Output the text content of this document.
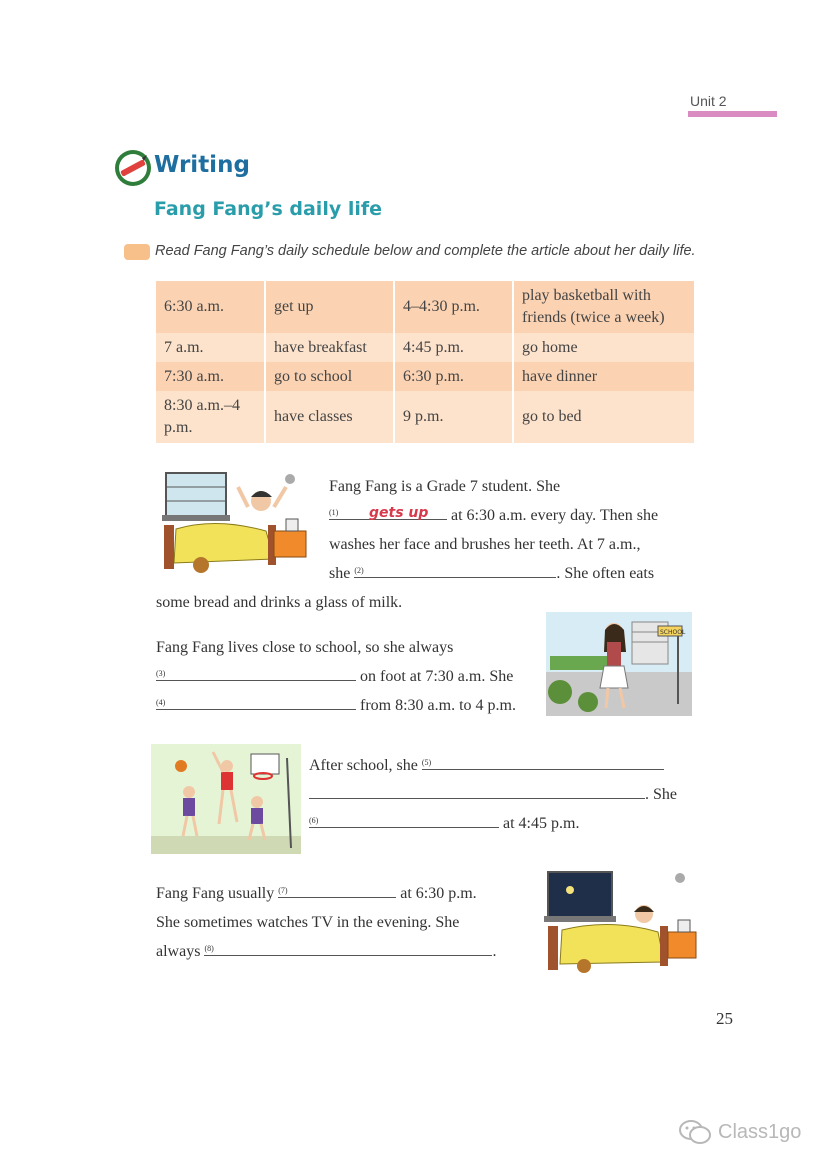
Unit 2
Writing
Fang Fang’s daily life
Read Fang Fang’s daily schedule below and complete the article about her daily life.
6:30 a.m.	get up	4–4:30 p.m.	play basketball with friends (twice a week)
7 a.m.	have breakfast	4:45 p.m.	go home
7:30 a.m.	go to school	6:30 p.m.	have dinner
8:30 a.m.–4 p.m.	have classes	9 p.m.	go to bed
Fang Fang is a Grade 7 student. She
$^{(1)}$ gets up at 6:30 a.m. every day. Then she
washes her face and brushes her teeth. At 7 a.m.,
she $^{(2)}$	. She often eats
some bread and drinks a glass of milk.
Fang Fang lives close to school, so she always
$^{(3)}$	on foot at 7:30 a.m. She
$^{(4)}$	from 8:30 a.m. to 4 p.m.
SCHOOL
After school, she $^{(5)}$
. She
$^{(6)}$	at 4:45 p.m.
Fang Fang usually $^{(7)}$	at 6:30 p.m.
She sometimes watches TV in the evening. She
always $^{(8)}$	.
25
Class1go
